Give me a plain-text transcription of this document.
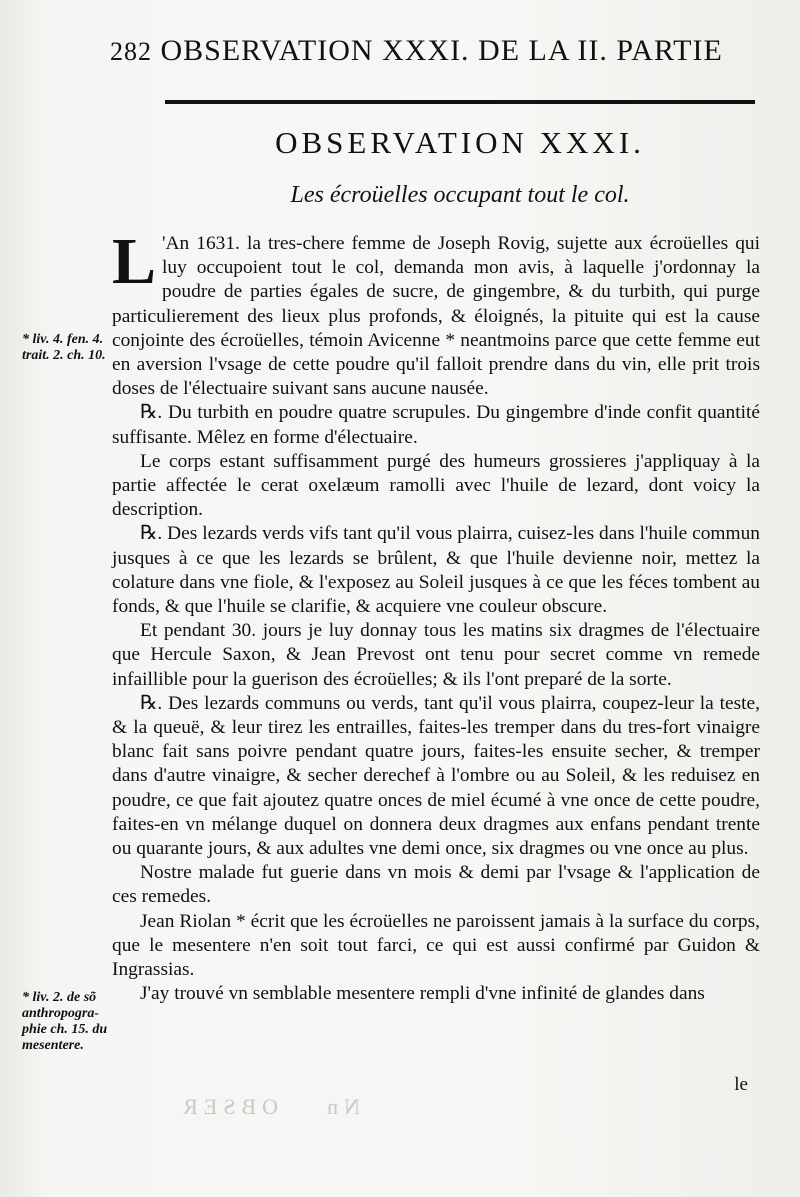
282 OBSERVATION XXXI. DE LA II. PARTIE
OBSERVATION XXXI.
Les écroüelles occupant tout le col.

L 'An 1631. la tres-chere femme de Joseph Rovig, sujette aux écroüelles qui luy occupoient tout le col, demanda mon avis, à laquelle j'ordonnay la poudre de parties égales de sucre, de gingembre, & du turbith, qui purge particulierement des lieux plus profonds, & éloignés, la pituite qui est la cause conjointe des écroüelles, témoin Avicenne * neantmoins parce que cette femme eut en aversion l'vsage de cette poudre qu'il falloit prendre dans du vin, elle prit trois doses de l'électuaire suivant sans aucune nausée.

℞. Du turbith en poudre quatre scrupules. Du gingembre d'inde confit quantité suffisante. Mêlez en forme d'électuaire.

Le corps estant suffisamment purgé des humeurs grossieres j'appliquay à la partie affectée le cerat oxelæum ramolli avec l'huile de lezard, dont voicy la description.

℞. Des lezards verds vifs tant qu'il vous plairra, cuisez-les dans l'huile commun jusques à ce que les lezards se brûlent, & que l'huile devienne noir, mettez la colature dans vne fiole, & l'exposez au Soleil jusques à ce que les féces tombent au fonds, & que l'huile se clarifie, & acquiere vne couleur obscure.

Et pendant 30. jours je luy donnay tous les matins six dragmes de l'électuaire que Hercule Saxon, & Jean Prevost ont tenu pour secret comme vn remede infaillible pour la guerison des écroüelles; & ils l'ont preparé de la sorte.

℞. Des lezards communs ou verds, tant qu'il vous plairra, coupez-leur la teste, & la queuë, & leur tirez les entrailles, faites-les tremper dans du tres-fort vinaigre blanc fait sans poivre pendant quatre jours, faites-les ensuite secher, & tremper dans d'autre vinaigre, & secher derechef à l'ombre ou au Soleil, & les reduisez en poudre, ce que fait ajoutez quatre onces de miel écumé à vne once de cette poudre, faites-en vn mélange duquel on donnera deux dragmes aux enfans pendant trente ou quarante jours, & aux adultes vne demi once, six dragmes ou vne once au plus.

Nostre malade fut guerie dans vn mois & demi par l'vsage & l'application de ces remedes.

Jean Riolan * écrit que les écroüelles ne paroissent jamais à la surface du corps, que le mesentere n'en soit tout farci, ce qui est aussi confirmé par Guidon & Ingrassias.

J'ay trouvé vn semblable mesentere rempli d'vne infinité de glandes dans

* liv. 4. fen. 4. trait. 2. ch. 10.
* liv. 2. de sõ anthropogra-phie ch. 15. du mesentere.
le
OBSER	Nn
